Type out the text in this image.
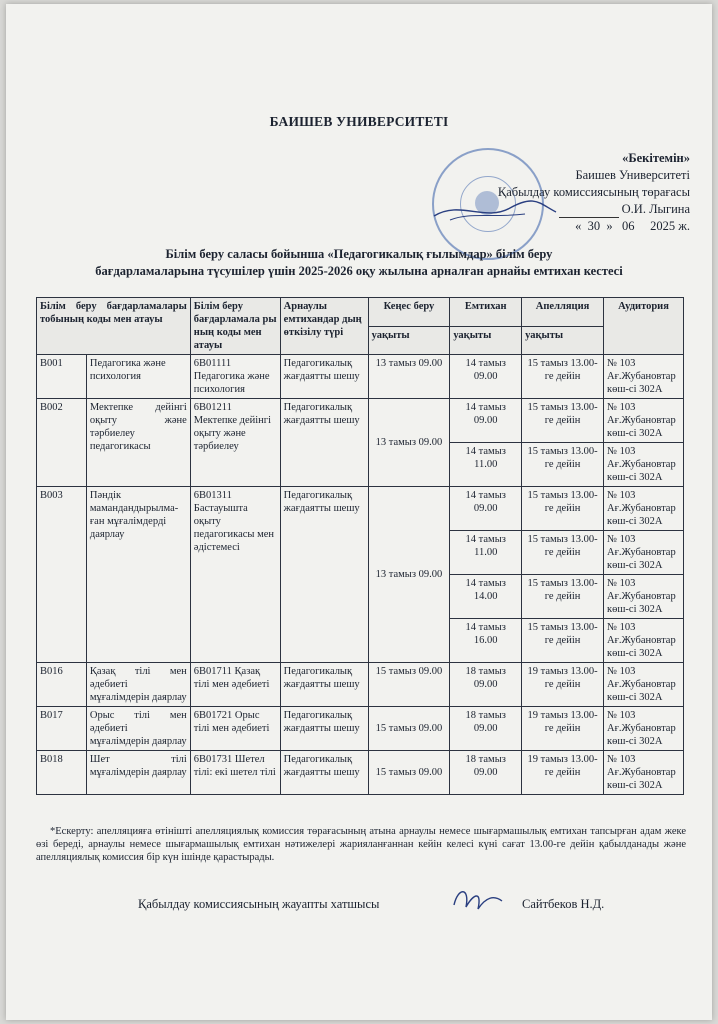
БАИШЕВ УНИВЕРСИТЕТІ
«Бекітемін»
Баишев Университеті
Қабылдау комиссиясының төрағасы
О.И. Лыгина
« 30 » 06 2025 ж.
Білім беру саласы бойынша «Педагогикалық ғылымдар» білім беру
бағдарламаларына түсушілер үшін 2025-2026 оқу жылына арналған арнайы емтихан кестесі
Білім беру бағдарламалары тобының коды мен атауы		Білім беру бағдарламала ры ның коды мен атауы	Арнаулы емтихандар дың өткізілу түрі	Кеңес беру	Емтихан	Апелляция	Аудитория
				уақыты	уақыты	уақыты	
B001	Педагогика және психология	6B01111 Педагогика және психология	Педагогикалық жағдаятты шешу	13 тамыз 09.00	14 тамыз 09.00	15 тамыз 13.00-ге дейін	№ 103 Ағ.Жубановтар көш-сі 302А
B002	Мектепке дейінгі оқыту және тәрбиелеу педагогикасы	6B01211 Мектепке дейінгі оқыту және тәрбиелеу	Педагогикалық жағдаятты шешу	13 тамыз 09.00	14 тамыз 09.00	15 тамыз 13.00-ге дейін	№ 103 Ағ.Жубановтар көш-сі 302А
					14 тамыз 11.00	15 тамыз 13.00-ге дейін	№ 103 Ағ.Жубановтар көш-сі 302А
B003	Пәндік мамандандырылма-ған мұғалімдерді даярлау	6B01311 Бастауышта оқыту педагогикасы мен әдістемесі	Педагогикалық жағдаятты шешу	13 тамыз 09.00	14 тамыз 09.00	15 тамыз 13.00-ге дейін	№ 103 Ағ.Жубановтар көш-сі 302А
					14 тамыз 11.00	15 тамыз 13.00-ге дейін	№ 103 Ағ.Жубановтар көш-сі 302А
					14 тамыз 14.00	15 тамыз 13.00-ге дейін	№ 103 Ағ.Жубановтар көш-сі 302А
					14 тамыз 16.00	15 тамыз 13.00-ге дейін	№ 103 Ағ.Жубановтар көш-сі 302А
B016	Қазақ тілі мен әдебиеті мұғалімдерін даярлау	6B01711 Қазақ тілі мен әдебиеті	Педагогикалық жағдаятты шешу	15 тамыз 09.00	18 тамыз 09.00	19 тамыз 13.00-ге дейін	№ 103 Ағ.Жубановтар көш-сі 302А
B017	Орыс тілі мен әдебиеті мұғалімдерін даярлау	6B01721 Орыс тілі мен әдебиеті	Педагогикалық жағдаятты шешу	15 тамыз 09.00	18 тамыз 09.00	19 тамыз 13.00-ге дейін	№ 103 Ағ.Жубановтар көш-сі 302А
B018	Шет тілі мұғалімдерін даярлау	6B01731 Шетел тілі: екі шетел тілі	Педагогикалық жағдаятты шешу	15 тамыз 09.00	18 тамыз 09.00	19 тамыз 13.00-ге дейін	№ 103 Ағ.Жубановтар көш-сі 302А
*Ескерту: апелляцияға өтінішті апелляциялық комиссия төрағасының атына арнаулы немесе шығармашылық емтихан тапсырған адам жеке өзі береді, арнаулы немесе шығармашылық емтихан нәтижелері жарияланғаннан кейін келесі күні сағат 13.00-ге дейін қабылданады және апелляциялық комиссия бір күн ішінде қарастырады.
Қабылдау комиссиясының жауапты хатшысы	Сайтбеков Н.Д.
